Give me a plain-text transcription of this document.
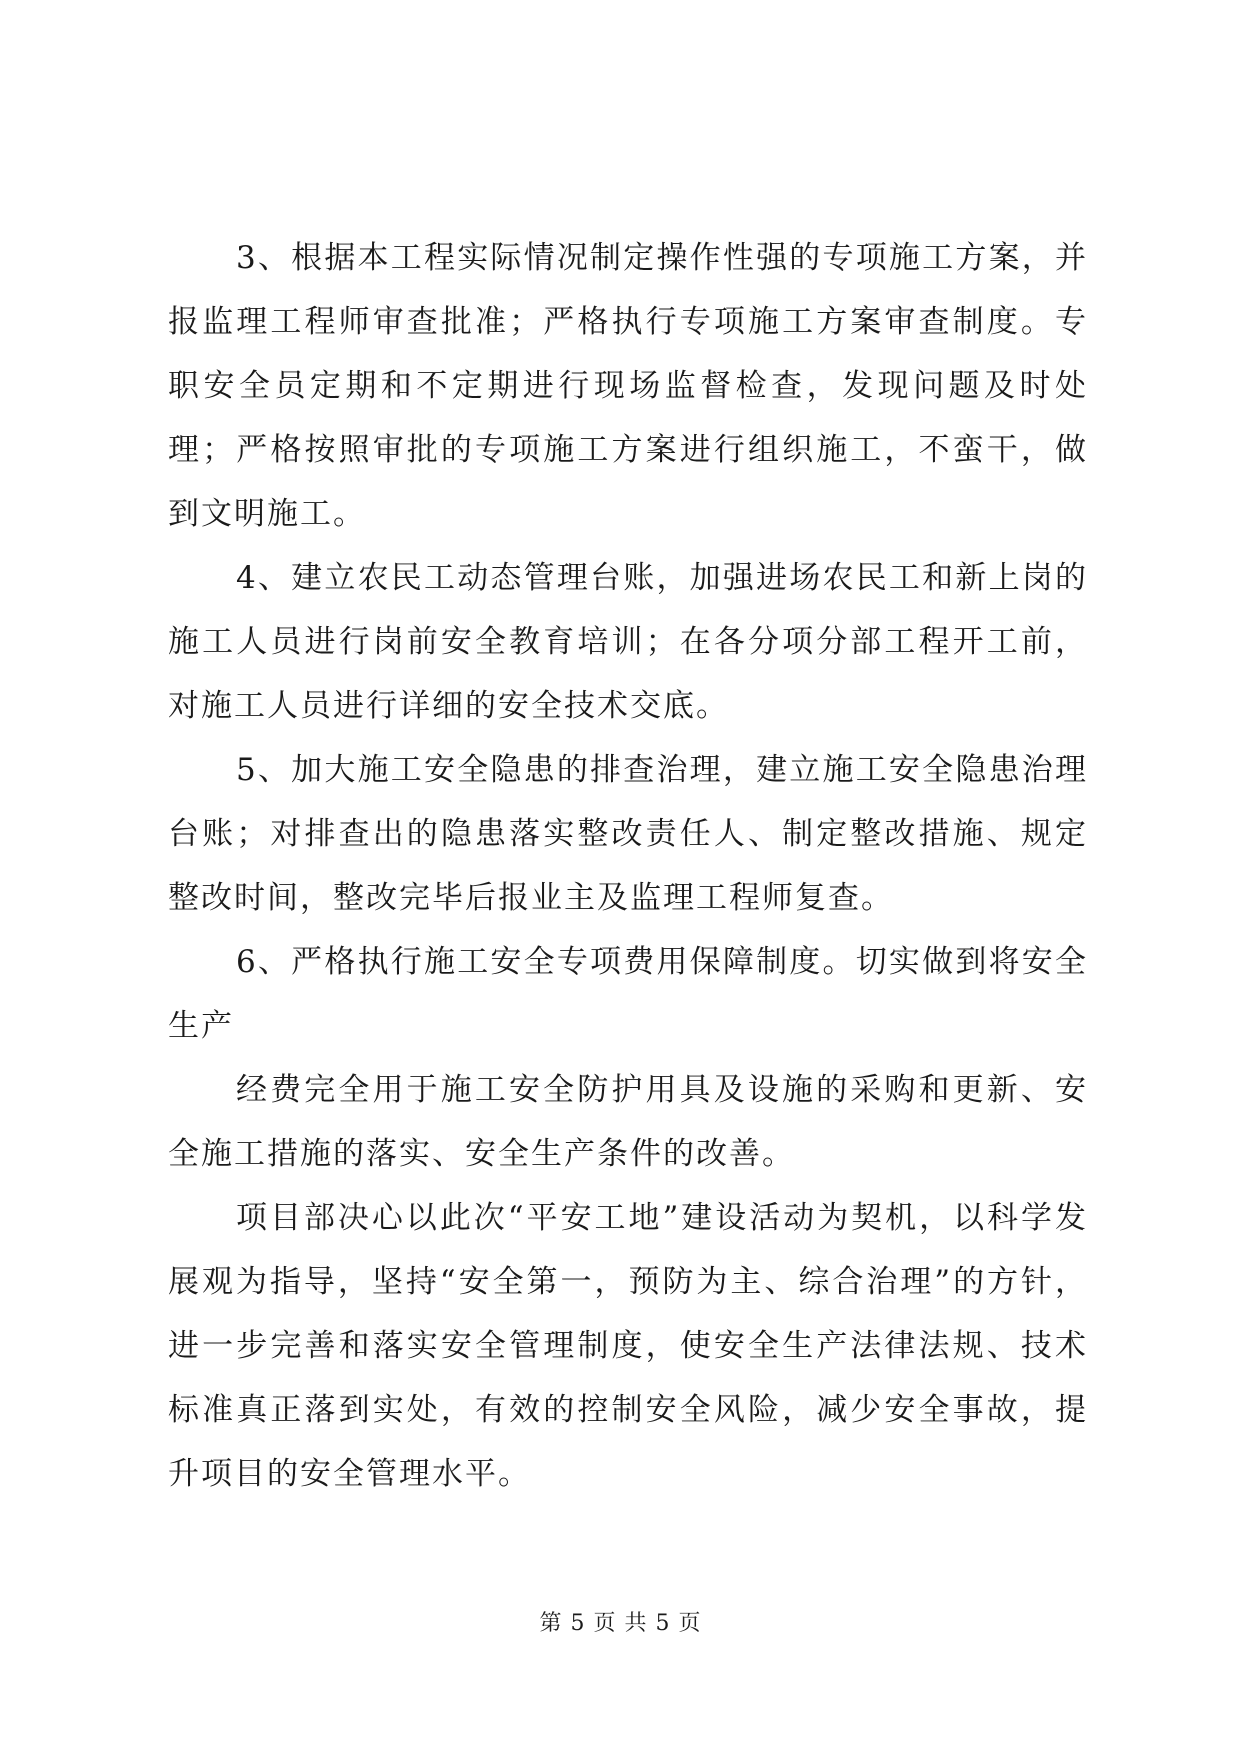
3、根据本工程实际情况制定操作性强的专项施工方案，并报监理工程师审查批准；严格执行专项施工方案审查制度。专职安全员定期和不定期进行现场监督检查，发现问题及时处理；严格按照审批的专项施工方案进行组织施工，不蛮干，做到文明施工。

4、建立农民工动态管理台账，加强进场农民工和新上岗的施工人员进行岗前安全教育培训；在各分项分部工程开工前，对施工人员进行详细的安全技术交底。

5、加大施工安全隐患的排查治理，建立施工安全隐患治理台账；对排查出的隐患落实整改责任人、制定整改措施、规定整改时间，整改完毕后报业主及监理工程师复查。

6、严格执行施工安全专项费用保障制度。切实做到将安全生产

经费完全用于施工安全防护用具及设施的采购和更新、安全施工措施的落实、安全生产条件的改善。

项目部决心以此次“平安工地”建设活动为契机，以科学发展观为指导，坚持“安全第一，预防为主、综合治理”的方针，进一步完善和落实安全管理制度，使安全生产法律法规、技术标准真正落到实处，有效的控制安全风险，减少安全事故，提升项目的安全管理水平。

第 5 页 共 5 页
